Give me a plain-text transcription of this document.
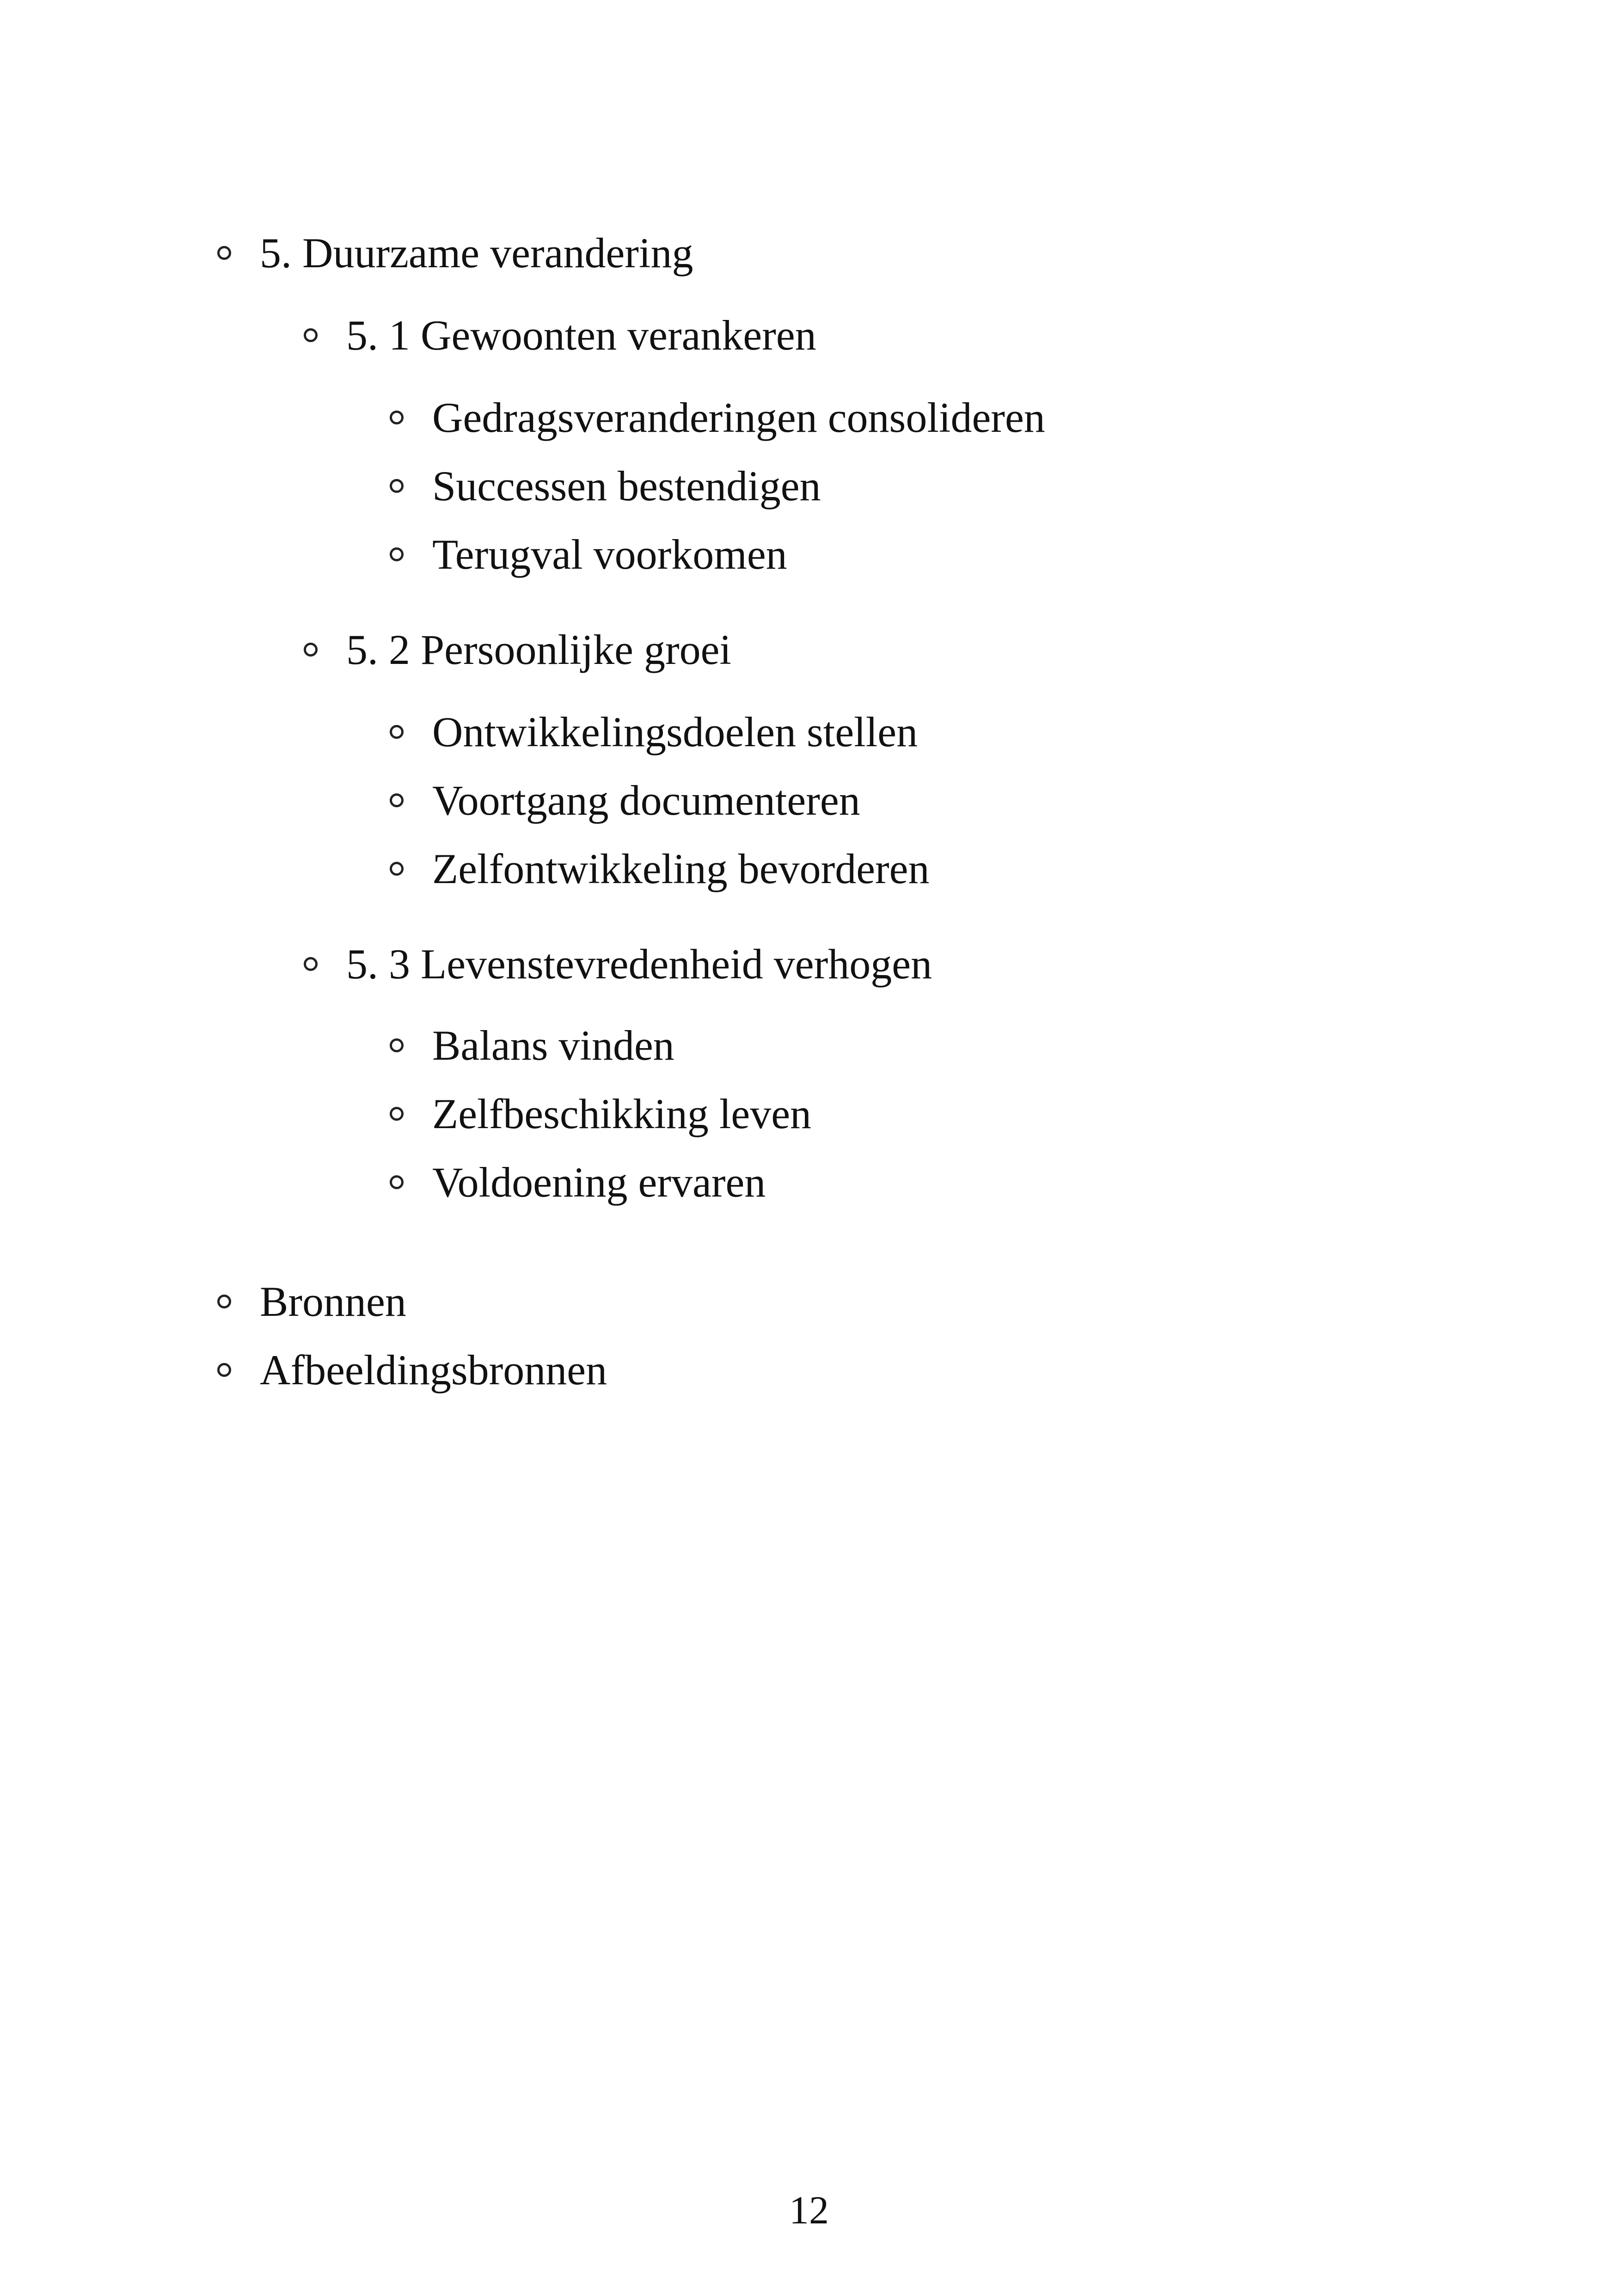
5. Duurzame verandering
5. 1 Gewoonten verankeren
Gedragsveranderingen consolideren
Successen bestendigen
Terugval voorkomen
5. 2 Persoonlijke groei
Ontwikkelingsdoelen stellen
Voortgang documenteren
Zelfontwikkeling bevorderen
5. 3 Levenstevredenheid verhogen
Balans vinden
Zelfbeschikking leven
Voldoening ervaren
Bronnen
Afbeeldingsbronnen
12
